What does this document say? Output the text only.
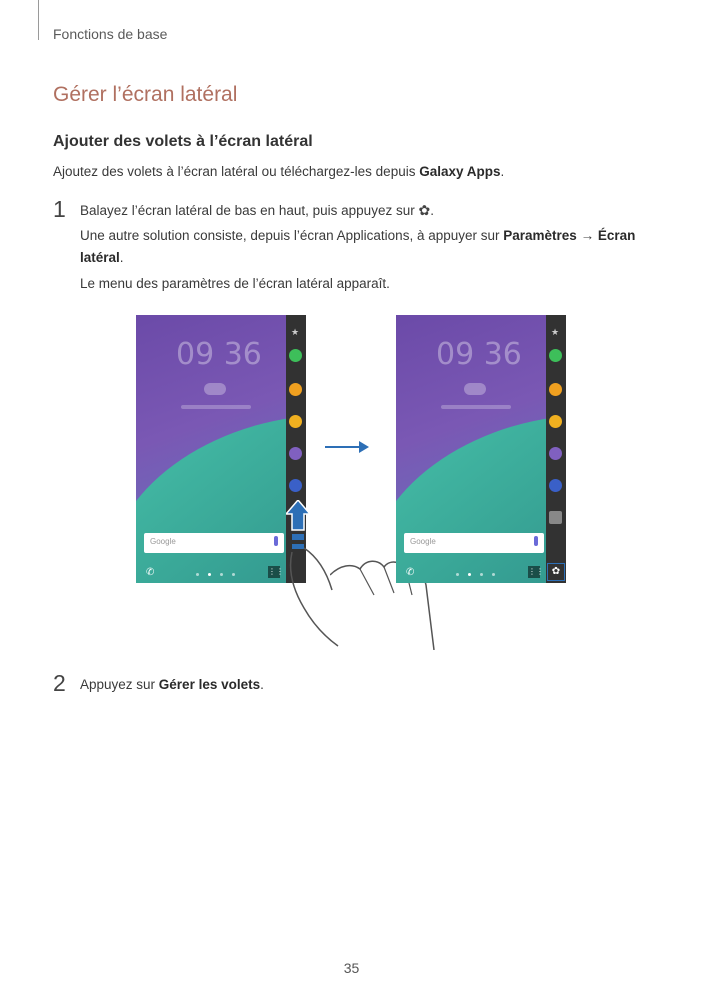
Fonctions de base
Gérer l’écran latéral
Ajouter des volets à l’écran latéral
Ajoutez des volets à l’écran latéral ou téléchargez-les depuis Galaxy Apps.
1 Balayez l’écran latéral de bas en haut, puis appuyez sur ✿.
Une autre solution consiste, depuis l’écran Applications, à appuyer sur Paramètres → Écran latéral.
Le menu des paramètres de l’écran latéral apparaît.
09 36
Google
✆	⋮⋮
★
09 36
Google
✆	⋮⋮
★
✿
2 Appuyez sur Gérer les volets.
35
